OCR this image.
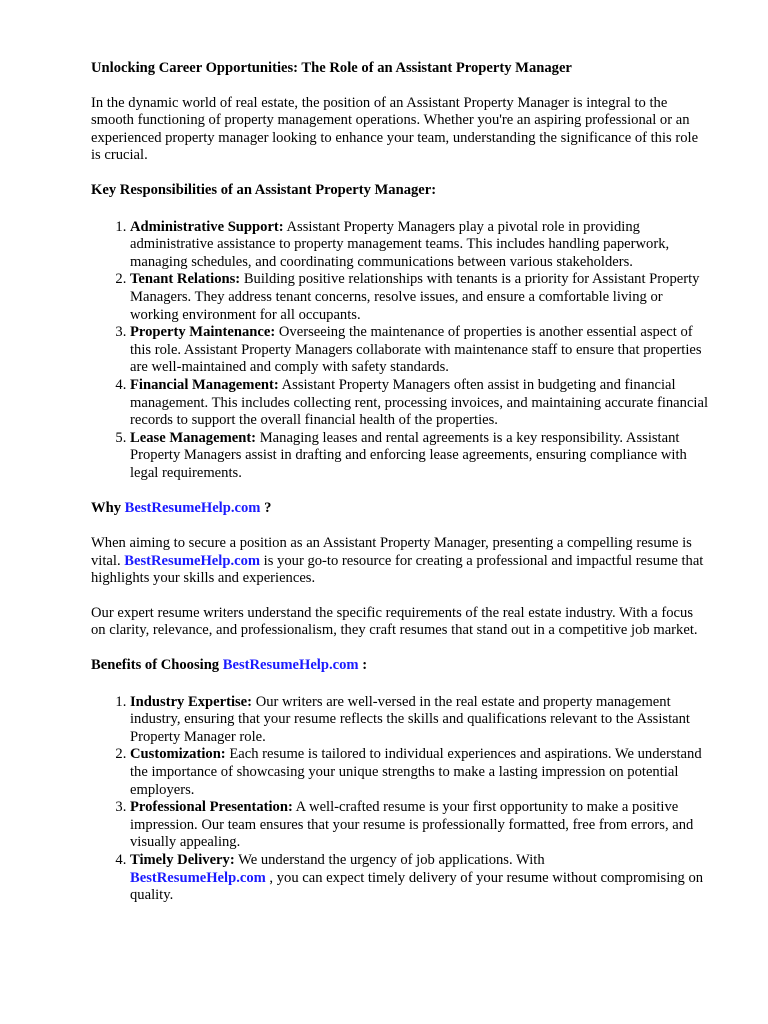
Unlocking Career Opportunities: The Role of an Assistant Property Manager

In the dynamic world of real estate, the position of an Assistant Property Manager is integral to the smooth functioning of property management operations. Whether you're an aspiring professional or an experienced property manager looking to enhance your team, understanding the significance of this role is crucial.

Key Responsibilities of an Assistant Property Manager:
1. Administrative Support: Assistant Property Managers play a pivotal role in providing administrative assistance to property management teams. This includes handling paperwork, managing schedules, and coordinating communications between various stakeholders.
2. Tenant Relations: Building positive relationships with tenants is a priority for Assistant Property Managers. They address tenant concerns, resolve issues, and ensure a comfortable living or working environment for all occupants.
3. Property Maintenance: Overseeing the maintenance of properties is another essential aspect of this role. Assistant Property Managers collaborate with maintenance staff to ensure that properties are well-maintained and comply with safety standards.
4. Financial Management: Assistant Property Managers often assist in budgeting and financial management. This includes collecting rent, processing invoices, and maintaining accurate financial records to support the overall financial health of the properties.
5. Lease Management: Managing leases and rental agreements is a key responsibility. Assistant Property Managers assist in drafting and enforcing lease agreements, ensuring compliance with legal requirements.
Why BestResumeHelp.com ?

When aiming to secure a position as an Assistant Property Manager, presenting a compelling resume is vital. BestResumeHelp.com is your go-to resource for creating a professional and impactful resume that highlights your skills and experiences.

Our expert resume writers understand the specific requirements of the real estate industry. With a focus on clarity, relevance, and professionalism, they craft resumes that stand out in a competitive job market.

Benefits of Choosing BestResumeHelp.com :
1. Industry Expertise: Our writers are well-versed in the real estate and property management industry, ensuring that your resume reflects the skills and qualifications relevant to the Assistant Property Manager role.
2. Customization: Each resume is tailored to individual experiences and aspirations. We understand the importance of showcasing your unique strengths to make a lasting impression on potential employers.
3. Professional Presentation: A well-crafted resume is your first opportunity to make a positive impression. Our team ensures that your resume is professionally formatted, free from errors, and visually appealing.
4. Timely Delivery: We understand the urgency of job applications. With
BestResumeHelp.com , you can expect timely delivery of your resume without compromising on quality.
